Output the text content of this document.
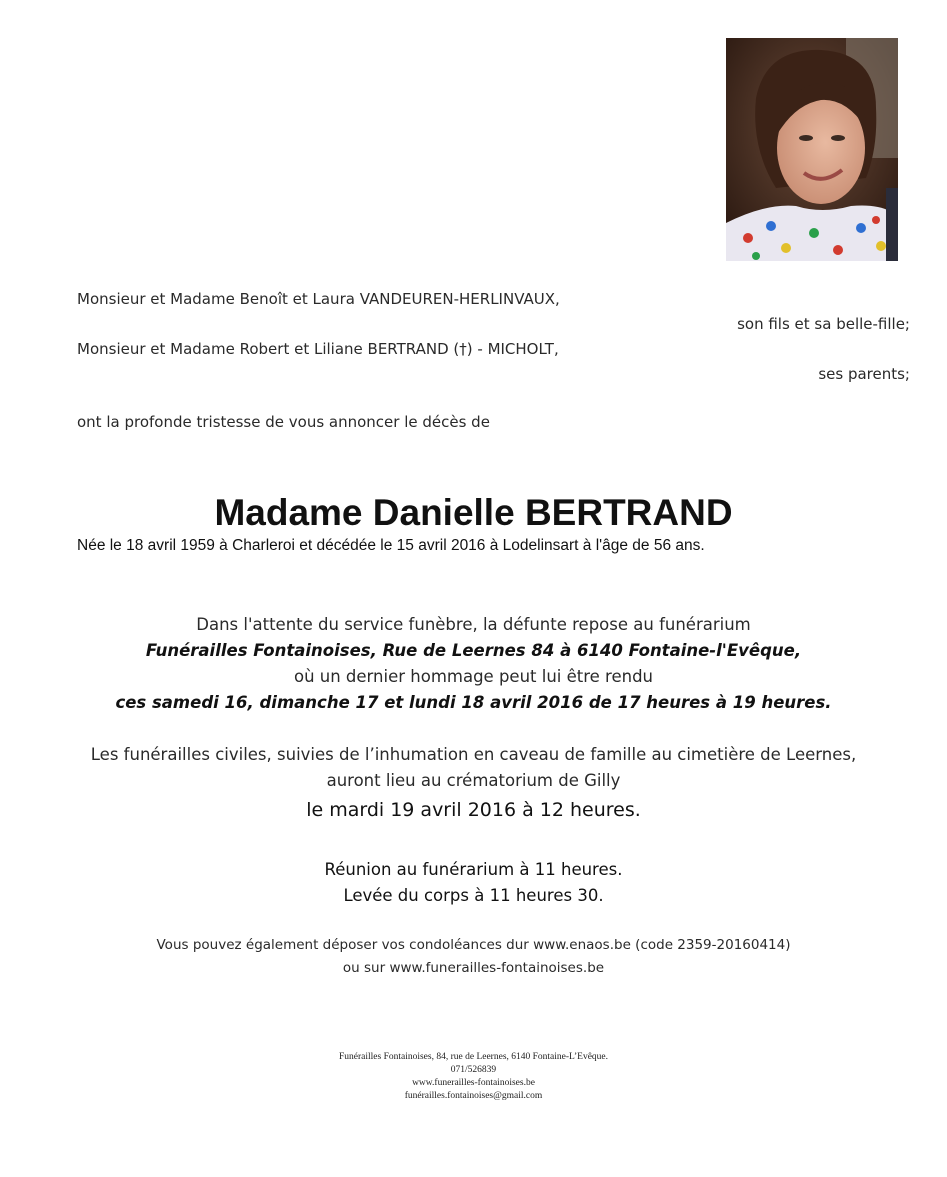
Monsieur et Madame Benoît et Laura VANDEUREN-HERLINVAUX,
son fils et sa belle-fille;
Monsieur et Madame Robert et Liliane BERTRAND (†) - MICHOLT,
ses parents;
ont la profonde tristesse de vous annoncer le décès de
Madame Danielle BERTRAND
Née le 18 avril 1959 à Charleroi et décédée le 15 avril 2016 à Lodelinsart à l'âge de 56 ans.
Dans l'attente du service funèbre, la défunte repose au funérarium
Funérailles Fontainoises, Rue de Leernes 84 à 6140 Fontaine-l'Evêque,
où un dernier hommage peut lui être rendu
ces samedi 16, dimanche 17 et lundi 18 avril 2016 de 17 heures à 19 heures.
Les funérailles civiles, suivies de l’inhumation en caveau de famille au cimetière de Leernes,
auront lieu au crématorium de Gilly
le mardi 19 avril 2016 à 12 heures.
Réunion au funérarium à 11 heures.
Levée du corps à 11 heures 30.
Vous pouvez également déposer vos condoléances dur www.enaos.be (code 2359-20160414)
ou sur www.funerailles-fontainoises.be
Funérailles Fontainoises, 84, rue de Leernes, 6140 Fontaine-L’Evêque.
071/526839
www.funerailles-fontainoises.be
funérailles.fontainoises@gmail.com
